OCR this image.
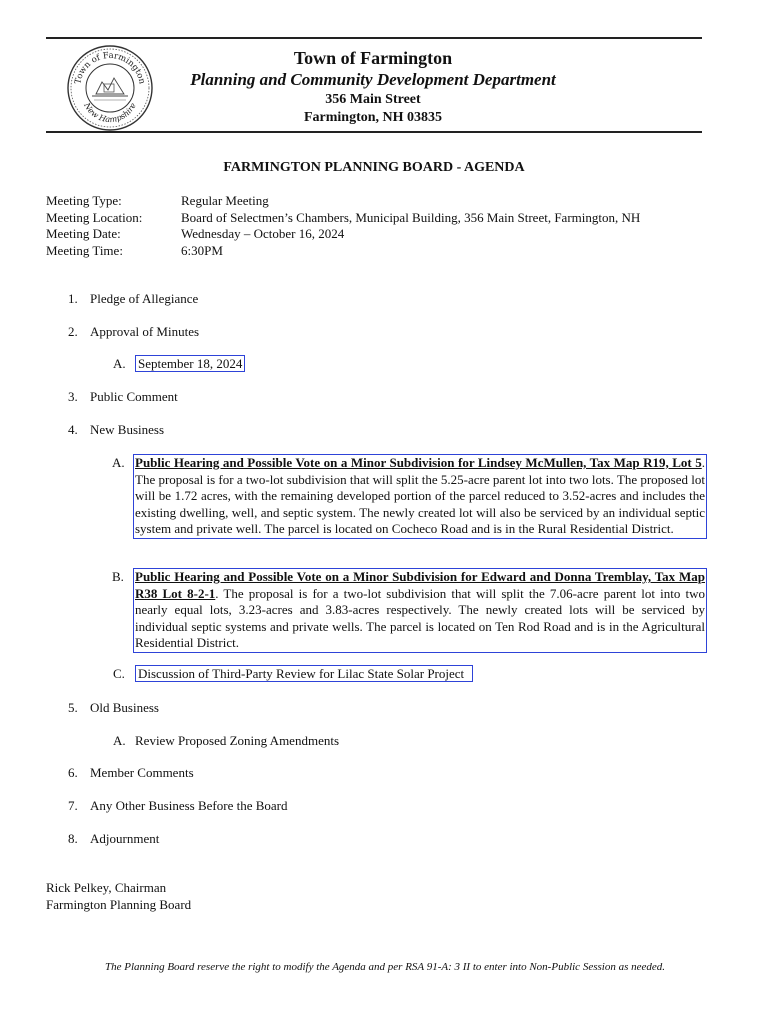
Town of Farmington
New Hampshire
Town of Farmington
Planning and Community Development Department
356 Main Street
Farmington, NH 03835
FARMINGTON PLANNING BOARD - AGENDA
Meeting Type:	Regular Meeting
Meeting Location:	Board of Selectmen’s Chambers, Municipal Building, 356 Main Street, Farmington, NH
Meeting Date:	Wednesday – October 16, 2024
Meeting Time:	6:30PM
1. Pledge of Allegiance
2. Approval of Minutes
A. September 18, 2024
3. Public Comment
4. New Business
A. Public Hearing and Possible Vote on a Minor Subdivision for Lindsey McMullen, Tax Map R19, Lot 5. The proposal is for a two-lot subdivision that will split the 5.25-acre parent lot into two lots. The proposed lot will be 1.72 acres, with the remaining developed portion of the parcel reduced to 3.52-acres and includes the existing dwelling, well, and septic system. The newly created lot will also be serviced by an individual septic system and private well. The parcel is located on Cocheco Road and is in the Rural Residential District.
B. Public Hearing and Possible Vote on a Minor Subdivision for Edward and Donna Tremblay, Tax Map R38 Lot 8-2-1. The proposal is for a two-lot subdivision that will split the 7.06-acre parent lot into two nearly equal lots, 3.23-acres and 3.83-acres respectively. The newly created lots will be serviced by individual septic systems and private wells. The parcel is located on Ten Rod Road and is in the Agricultural Residential District.
C. Discussion of Third-Party Review for Lilac State Solar Project
5. Old Business
A. Review Proposed Zoning Amendments
6. Member Comments
7. Any Other Business Before the Board
8. Adjournment
Rick Pelkey, Chairman
Farmington Planning Board
The Planning Board reserve the right to modify the Agenda and per RSA 91-A: 3 II to enter into Non-Public Session as needed.
